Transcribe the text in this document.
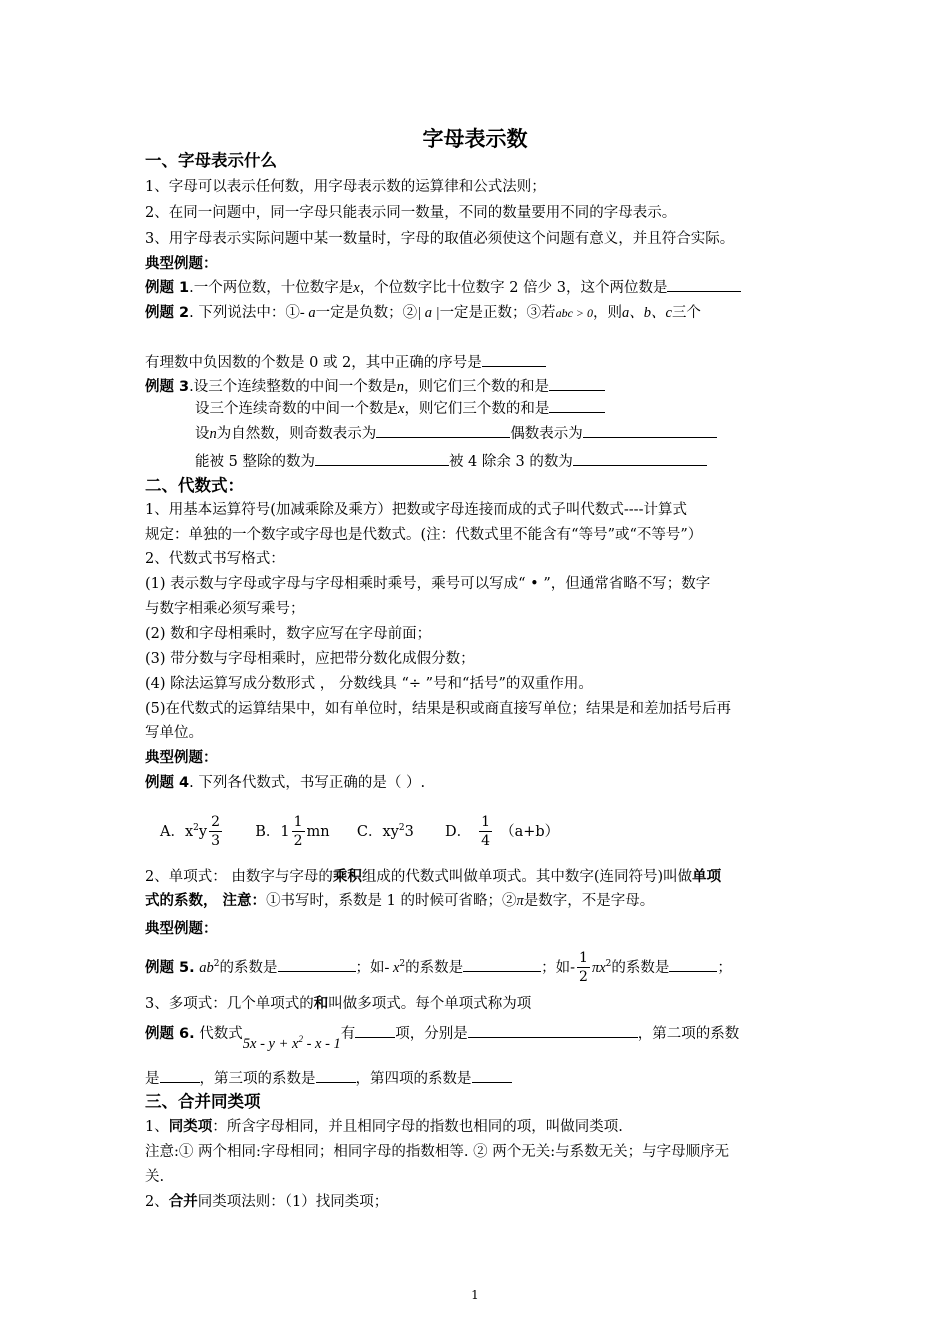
字母表示数
一、字母表示什么
1、字母可以表示任何数，用字母表示数的运算律和公式法则；
2、在同一问题中，同一字母只能表示同一数量，不同的数量要用不同的字母表示。
3、用字母表示实际问题中某一数量时，字母的取值必须使这个问题有意义，并且符合实际。
典型例题：
例题 1.一个两位数，十位数字是x，个位数字比十位数字 2 倍少 3，这个两位数是
例题 2. 下列说法中：①- a一定是负数；②| a |一定是正数；③若abc > 0，则a、b、c三个
有理数中负因数的个数是 0 或 2，其中正确的序号是
例题 3.设三个连续整数的中间一个数是n，则它们三个数的和是
设三个连续奇数的中间一个数是x，则它们三个数的和是
设n为自然数，则奇数表示为	偶数表示为
能被 5 整除的数为	被 4 除余 3 的数为
二、代数式：
1、用基本运算符号(加减乘除及乘方）把数或字母连接而成的式子叫代数式----计算式
规定：单独的一个数字或字母也是代数式。(注：代数式里不能含有“等号”或“不等号”）
2、代数式书写格式：
(1) 表示数与字母或字母与字母相乘时乘号，乘号可以写成“ • ”，但通常省略不写；数字
与数字相乘必须写乘号；
(2) 数和字母相乘时，数字应写在字母前面；
(3) 带分数与字母相乘时，应把带分数化成假分数；
(4) 除法运算写成分数形式 ， 分数线具 “÷ ”号和“括号”的双重作用。
(5)在代数式的运算结果中，如有单位时，结果是积或商直接写单位；结果是和差加括号后再
写单位。
典型例题：
例题 4. 下列各代数式，书写正确的是（ ）.
A．$x^2y \frac{2}{3}$ B．$1 \frac{1}{2}$ mn C．$xy^23$ D． $\frac{1}{4} (a+b)$
2、单项式： 由数字与字母的乘积组成的代数式叫做单项式。其中数字(连同符号)叫做单项
式的系数， 注意：①书写时，系数是 1 的时候可省略；②π是数字，不是字母。
典型例题：
例题 5. $ab^2$的系数是	；如- $x^2$的系数是	；如- $\frac{1}{2} \pi x^2$的系数是	；
3、多项式：几个单项式的和叫做多项式。每个单项式称为项
例题 6. 代数式$5x - y + x^2 - x - 1$有	项，分别是	，第二项的系数
是	，第三项的系数是	，第四项的系数是
三、合并同类项
1、同类项：所含字母相同，并且相同字母的指数也相同的项，叫做同类项.
注意:① 两个相同:字母相同；相同字母的指数相等. ② 两个无关:与系数无关；与字母顺序无
关.
2、合并同类项法则：（1）找同类项；
1
